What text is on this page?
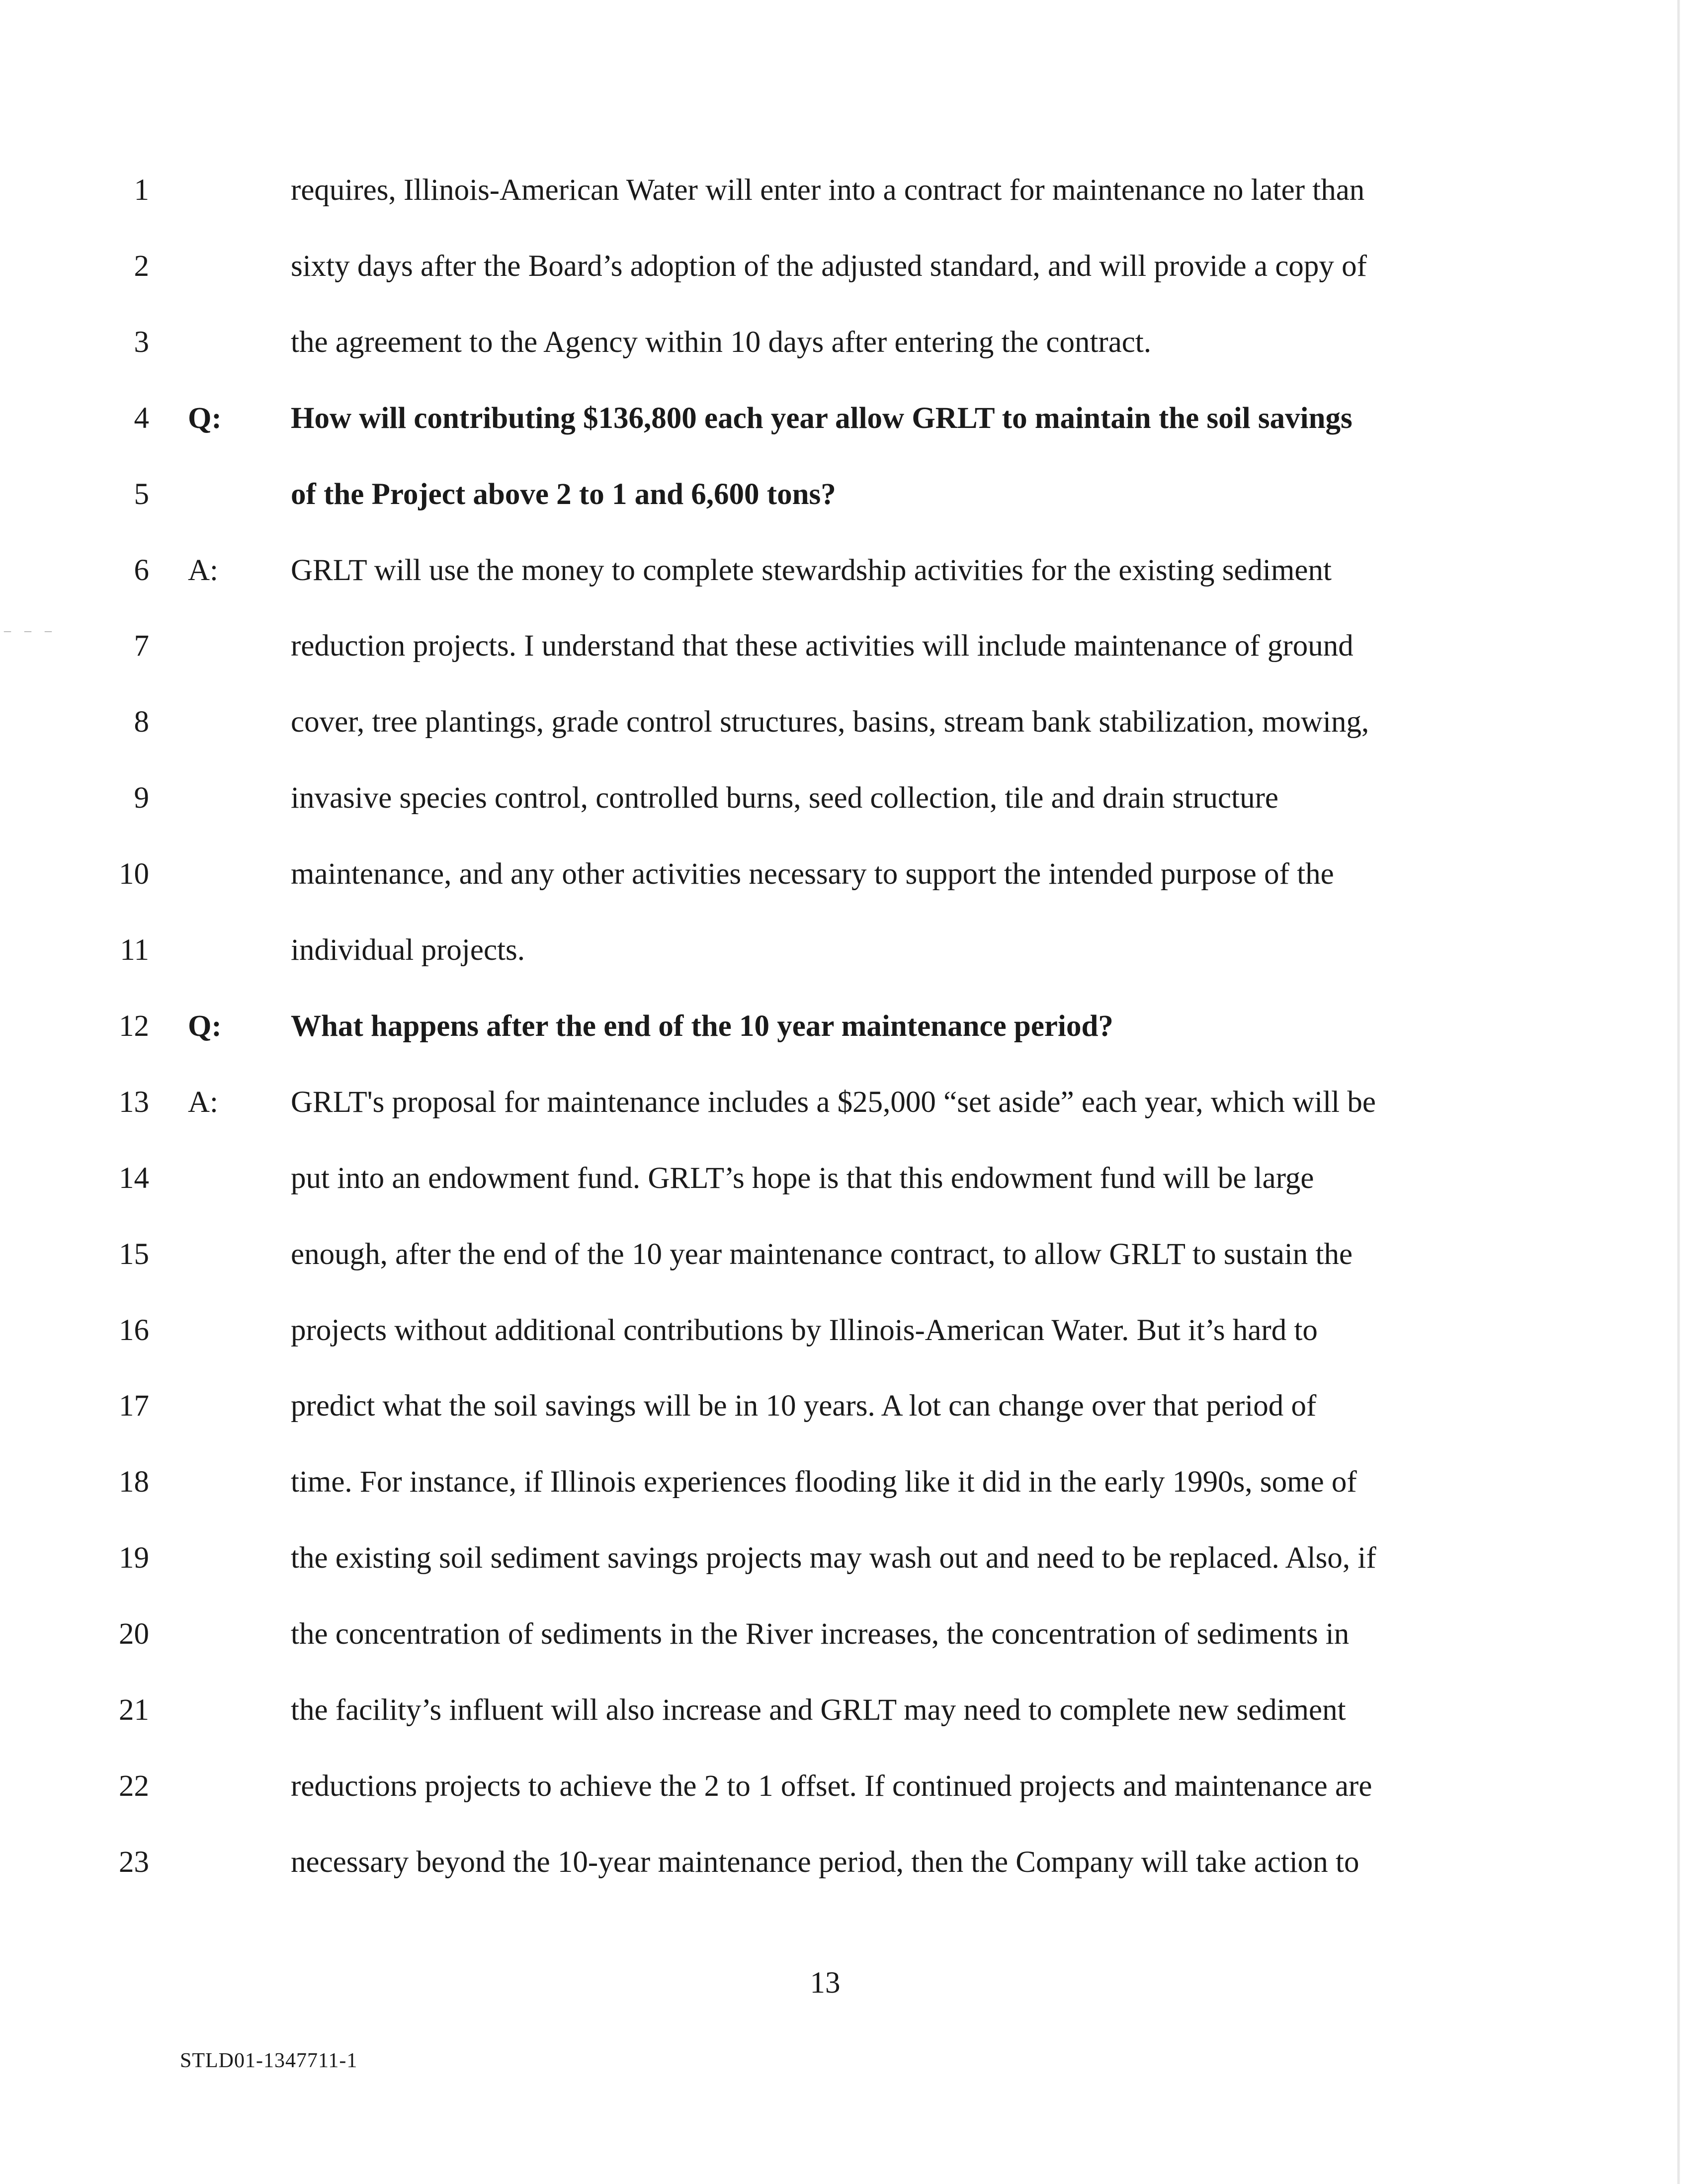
¯ ¯ ¯
1	requires, Illinois-American Water will enter into a contract for maintenance no later than
2	sixty days after the Board’s adoption of the adjusted standard, and will provide a copy of
3	the agreement to the Agency within 10 days after entering the contract.
4 Q: How will contributing $136,800 each year allow GRLT to maintain the soil savings
5	of the Project above 2 to 1 and 6,600 tons?
6 A: GRLT will use the money to complete stewardship activities for the existing sediment
7	reduction projects. I understand that these activities will include maintenance of ground
8	cover, tree plantings, grade control structures, basins, stream bank stabilization, mowing,
9	invasive species control, controlled burns, seed collection, tile and drain structure
10	maintenance, and any other activities necessary to support the intended purpose of the
11	individual projects.
12 Q: What happens after the end of the 10 year maintenance period?
13 A: GRLT's proposal for maintenance includes a $25,000 “set aside” each year, which will be
14	put into an endowment fund. GRLT’s hope is that this endowment fund will be large
15	enough, after the end of the 10 year maintenance contract, to allow GRLT to sustain the
16	projects without additional contributions by Illinois-American Water. But it’s hard to
17	predict what the soil savings will be in 10 years. A lot can change over that period of
18	time. For instance, if Illinois experiences flooding like it did in the early 1990s, some of
19	the existing soil sediment savings projects may wash out and need to be replaced. Also, if
20	the concentration of sediments in the River increases, the concentration of sediments in
21	the facility’s influent will also increase and GRLT may need to complete new sediment
22	reductions projects to achieve the 2 to 1 offset. If continued projects and maintenance are
23	necessary beyond the 10-year maintenance period, then the Company will take action to
13
STLD01-1347711-1
